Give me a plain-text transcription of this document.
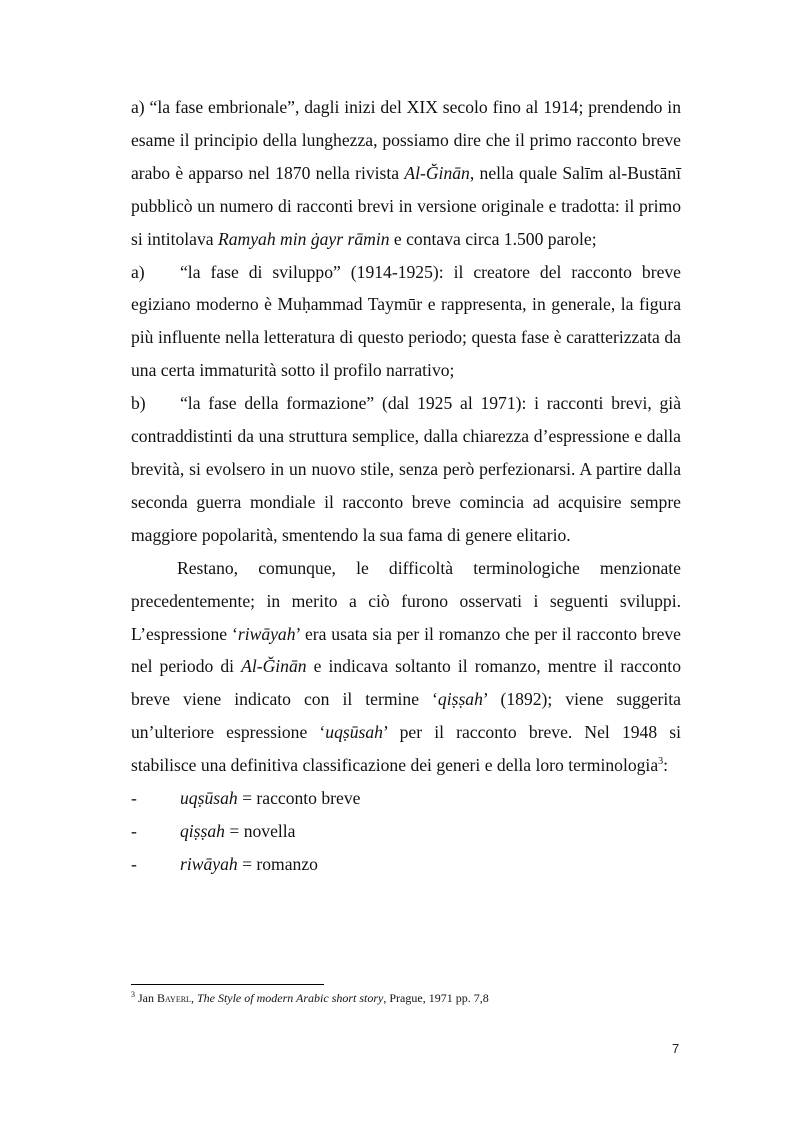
a) “la fase embrionale”, dagli inizi del XIX secolo fino al 1914; prendendo in esame il principio della lunghezza, possiamo dire che il primo racconto breve arabo è apparso nel 1870 nella rivista Al-Ğinān, nella quale Salīm al-Bustānī pubblicò un numero di racconti brevi in versione originale e tradotta: il primo si intitolava Ramyah min ġayr rāmin e contava circa 1.500 parole;

a) “la fase di sviluppo” (1914-1925): il creatore del racconto breve egiziano moderno è Muḥammad Taymūr e rappresenta, in generale, la figura più influente nella letteratura di questo periodo; questa fase è caratterizzata da una certa immaturità sotto il profilo narrativo;

b) “la fase della formazione” (dal 1925 al 1971): i racconti brevi, già contraddistinti da una struttura semplice, dalla chiarezza d’espressione e dalla brevità, si evolsero in un nuovo stile, senza però perfezionarsi. A partire dalla seconda guerra mondiale il racconto breve comincia ad acquisire sempre maggiore popolarità, smentendo la sua fama di genere elitario.

Restano, comunque, le difficoltà terminologiche menzionate precedentemente; in merito a ciò furono osservati i seguenti sviluppi. L’espressione ‘riwāyah’ era usata sia per il romanzo che per il racconto breve nel periodo di Al-Ğinān e indicava soltanto il romanzo, mentre il racconto breve viene indicato con il termine ‘qiṣṣah’ (1892); viene suggerita un’ulteriore espressione ‘uqṣūsah’ per il racconto breve. Nel 1948 si stabilisce una definitiva classificazione dei generi e della loro terminologia$^3$:

-	uqṣūsah = racconto breve
-	qiṣṣah = novella
-	riwāyah = romanzo
$^3$ Jan Bayerl, The Style of modern Arabic short story, Prague, 1971 pp. 7,8
7
